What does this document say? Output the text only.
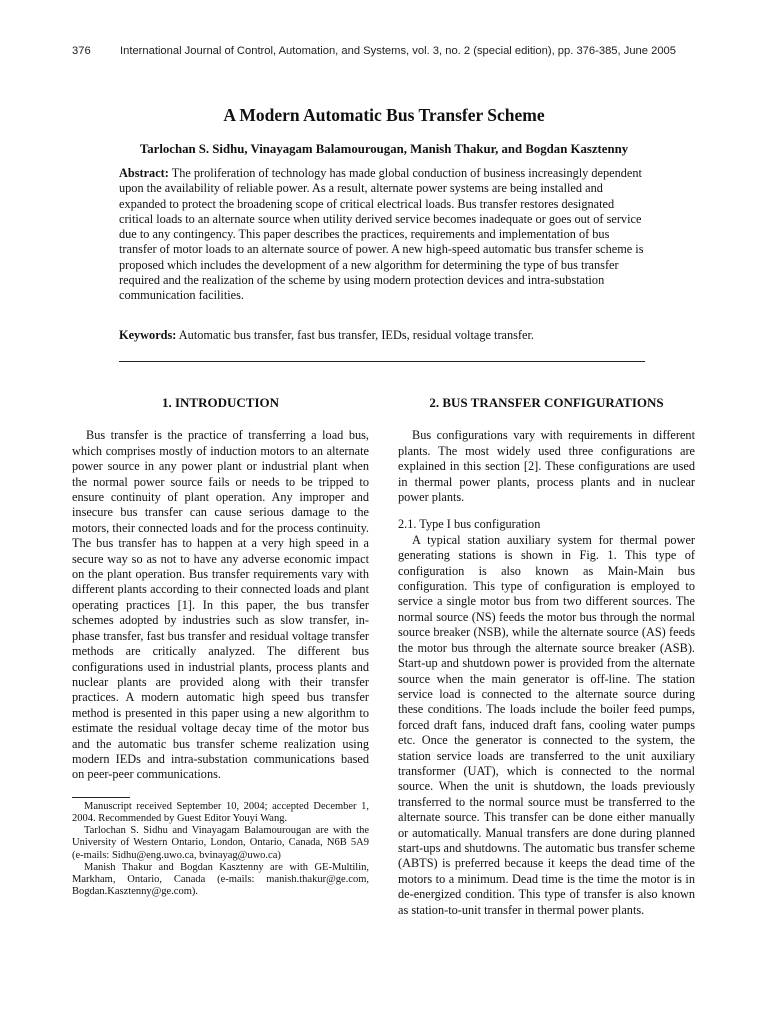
376	International Journal of Control, Automation, and Systems, vol. 3, no. 2 (special edition), pp. 376-385, June 2005
A Modern Automatic Bus Transfer Scheme
Tarlochan S. Sidhu, Vinayagam Balamourougan, Manish Thakur, and Bogdan Kasztenny

Abstract: The proliferation of technology has made global conduction of business increasingly dependent upon the availability of reliable power. As a result, alternate power systems are being installed and expanded to protect the broadening scope of critical electrical loads. Bus transfer restores designated critical loads to an alternate source when utility derived service becomes inadequate or goes out of service due to any contingency. This paper describes the practices, requirements and implementation of bus transfer of motor loads to an alternate source of power. A new high-speed automatic bus transfer scheme is proposed which includes the development of a new algorithm for determining the type of bus transfer required and the realization of the scheme by using modern protection devices and intra-substation communication facilities.

Keywords: Automatic bus transfer, fast bus transfer, IEDs, residual voltage transfer.

1. INTRODUCTION

Bus transfer is the practice of transferring a load bus, which comprises mostly of induction motors to an alternate power source in any power plant or industrial plant when the normal power source fails or needs to be tripped to ensure continuity of plant operation. Any improper and insecure bus transfer can cause serious damage to the motors, their connected loads and for the process continuity. The bus transfer has to happen at a very high speed in a secure way so as not to have any adverse economic impact on the plant operation. Bus transfer requirements vary with different plants according to their connected loads and plant operating practices [1]. In this paper, the bus transfer schemes adopted by industries such as slow transfer, in-phase transfer, fast bus transfer and residual voltage transfer methods are critically analyzed. The different bus configurations used in industrial plants, process plants and nuclear plants are provided along with their transfer practices. A modern automatic high speed bus transfer method is presented in this paper using a new algorithm to estimate the residual voltage decay time of the motor bus and the automatic bus transfer scheme realization using modern IEDs and intra-substation communications based on peer-peer communications.

Manuscript received September 10, 2004; accepted December 1, 2004. Recommended by Guest Editor Youyi Wang.

Tarlochan S. Sidhu and Vinayagam Balamourougan are with the University of Western Ontario, London, Ontario, Canada, N6B 5A9 (e-mails: Sidhu@eng.uwo.ca, bvinayag@uwo.ca)

Manish Thakur and Bogdan Kasztenny are with GE-Multilin, Markham, Ontario, Canada (e-mails: manish.thakur@ge.com, Bogdan.Kasztenny@ge.com).

2. BUS TRANSFER CONFIGURATIONS

Bus configurations vary with requirements in different plants. The most widely used three configurations are explained in this section [2]. These configurations are used in thermal power plants, process plants and in nuclear power plants.

2.1. Type I bus configuration

A typical station auxiliary system for thermal power generating stations is shown in Fig. 1. This type of configuration is also known as Main-Main bus configuration. This type of configuration is employed to service a single motor bus from two different sources. The normal source (NS) feeds the motor bus through the normal source breaker (NSB), while the alternate source (AS) feeds the motor bus through the alternate source breaker (ASB). Start-up and shutdown power is provided from the alternate source when the main generator is off-line. The station service load is connected to the alternate source during these conditions. The loads include the boiler feed pumps, forced draft fans, induced draft fans, cooling water pumps etc. Once the generator is connected to the system, the station service loads are transferred to the unit auxiliary transformer (UAT), which is connected to the normal source. When the unit is shutdown, the loads previously transferred to the normal source must be transferred to the alternate source. This transfer can be done either manually or automatically. Manual transfers are done during planned start-ups and shutdowns. The automatic bus transfer scheme (ABTS) is preferred because it keeps the dead time of the motors to a minimum. Dead time is the time the motor is in de-energized condition. This type of transfer is also known as station-to-unit transfer in thermal power plants.
